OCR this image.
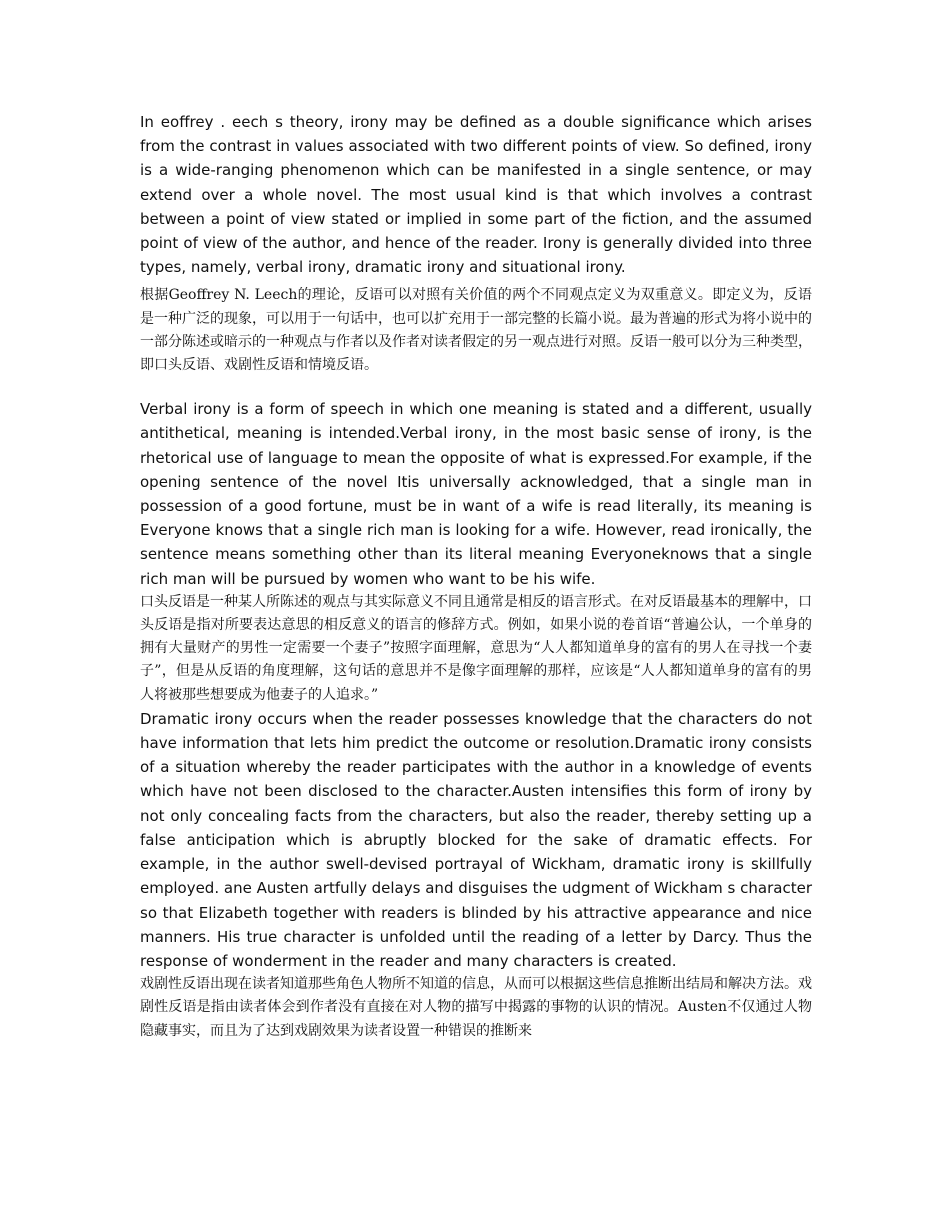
In eoffrey . eech s theory, irony may be defined as a double significance which arises from the contrast in values associated with two different points of view. So defined, irony is a wide-ranging phenomenon which can be manifested in a single sentence, or may extend over a whole novel. The most usual kind is that which involves a contrast between a point of view stated or implied in some part of the fiction, and the assumed point of view of the author, and hence of the reader. Irony is generally divided into three types, namely, verbal irony, dramatic irony and situational irony.

根据Geoffrey N. Leech的理论，反语可以对照有关价值的两个不同观点定义为双重意义。即定义为，反语是一种广泛的现象，可以用于一句话中，也可以扩充用于一部完整的长篇小说。最为普遍的形式为将小说中的一部分陈述或暗示的一种观点与作者以及作者对读者假定的另一观点进行对照。反语一般可以分为三种类型，即口头反语、戏剧性反语和情境反语。

Verbal irony is a form of speech in which one meaning is stated and a different, usually antithetical, meaning is intended.Verbal irony, in the most basic sense of irony, is the rhetorical use of language to mean the opposite of what is expressed.For example, if the opening sentence of the novel Itis universally acknowledged, that a single man in possession of a good fortune, must be in want of a wife is read literally, its meaning is Everyone knows that a single rich man is looking for a wife. However, read ironically, the sentence means something other than its literal meaning Everyoneknows that a single rich man will be pursued by women who want to be his wife.

口头反语是一种某人所陈述的观点与其实际意义不同且通常是相反的语言形式。在对反语最基本的理解中，口头反语是指对所要表达意思的相反意义的语言的修辞方式。例如，如果小说的卷首语“普遍公认，一个单身的拥有大量财产的男性一定需要一个妻子”按照字面理解，意思为“人人都知道单身的富有的男人在寻找一个妻子”，但是从反语的角度理解，这句话的意思并不是像字面理解的那样，应该是“人人都知道单身的富有的男人将被那些想要成为他妻子的人追求。”

Dramatic irony occurs when the reader possesses knowledge that the characters do not have information that lets him predict the outcome or resolution.Dramatic irony consists of a situation whereby the reader participates with the author in a knowledge of events which have not been disclosed to the character.Austen intensifies this form of irony by not only concealing facts from the characters, but also the reader, thereby setting up a false anticipation which is abruptly blocked for the sake of dramatic effects. For example, in the author swell-devised portrayal of Wickham, dramatic irony is skillfully employed. ane Austen artfully delays and disguises the udgment of Wickham s character so that Elizabeth together with readers is blinded by his attractive appearance and nice manners. His true character is unfolded until the reading of a letter by Darcy. Thus the response of wonderment in the reader and many characters is created.

戏剧性反语出现在读者知道那些角色人物所不知道的信息，从而可以根据这些信息推断出结局和解决方法。戏剧性反语是指由读者体会到作者没有直接在对人物的描写中揭露的事物的认识的情况。Austen不仅通过人物隐藏事实，而且为了达到戏剧效果为读者设置一种错误的推断来
